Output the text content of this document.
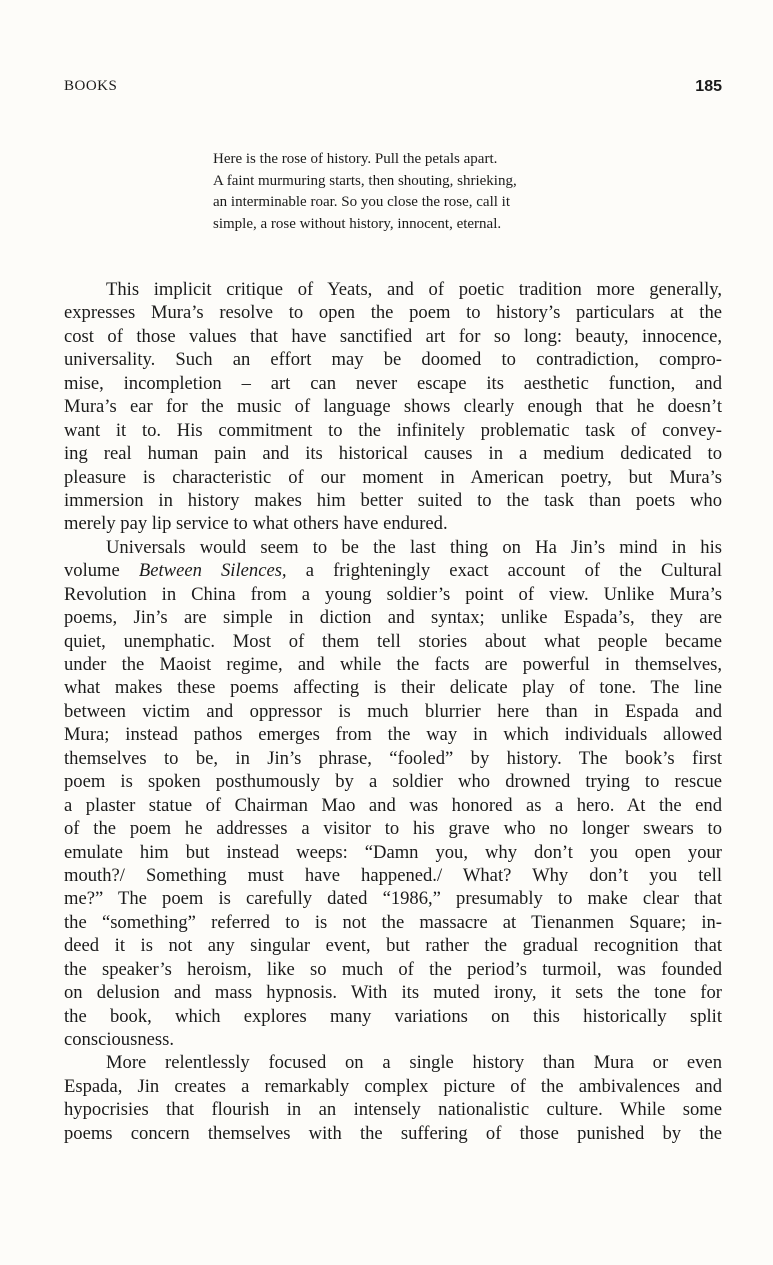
BOOKS	185
Here is the rose of history. Pull the petals apart.
A faint murmuring starts, then shouting, shrieking,
an interminable roar. So you close the rose, call it
simple, a rose without history, innocent, eternal.
This implicit critique of Yeats, and of poetic tradition more generally,
expresses Mura’s resolve to open the poem to history’s particulars at the
cost of those values that have sanctified art for so long: beauty, innocence,
universality. Such an effort may be doomed to contradiction, compro-
mise, incompletion – art can never escape its aesthetic function, and
Mura’s ear for the music of language shows clearly enough that he doesn’t
want it to. His commitment to the infinitely problematic task of convey-
ing real human pain and its historical causes in a medium dedicated to
pleasure is characteristic of our moment in American poetry, but Mura’s
immersion in history makes him better suited to the task than poets who
merely pay lip service to what others have endured.
Universals would seem to be the last thing on Ha Jin’s mind in his
volume Between Silences, a frighteningly exact account of the Cultural
Revolution in China from a young soldier’s point of view. Unlike Mura’s
poems, Jin’s are simple in diction and syntax; unlike Espada’s, they are
quiet, unemphatic. Most of them tell stories about what people became
under the Maoist regime, and while the facts are powerful in themselves,
what makes these poems affecting is their delicate play of tone. The line
between victim and oppressor is much blurrier here than in Espada and
Mura; instead pathos emerges from the way in which individuals allowed
themselves to be, in Jin’s phrase, “fooled” by history. The book’s first
poem is spoken posthumously by a soldier who drowned trying to rescue
a plaster statue of Chairman Mao and was honored as a hero. At the end
of the poem he addresses a visitor to his grave who no longer swears to
emulate him but instead weeps: “Damn you, why don’t you open your
mouth?/ Something must have happened./ What? Why don’t you tell
me?” The poem is carefully dated “1986,” presumably to make clear that
the “something” referred to is not the massacre at Tienanmen Square; in-
deed it is not any singular event, but rather the gradual recognition that
the speaker’s heroism, like so much of the period’s turmoil, was founded
on delusion and mass hypnosis. With its muted irony, it sets the tone for
the book, which explores many variations on this historically split
consciousness.
More relentlessly focused on a single history than Mura or even
Espada, Jin creates a remarkably complex picture of the ambivalences and
hypocrisies that flourish in an intensely nationalistic culture. While some
poems concern themselves with the suffering of those punished by the
